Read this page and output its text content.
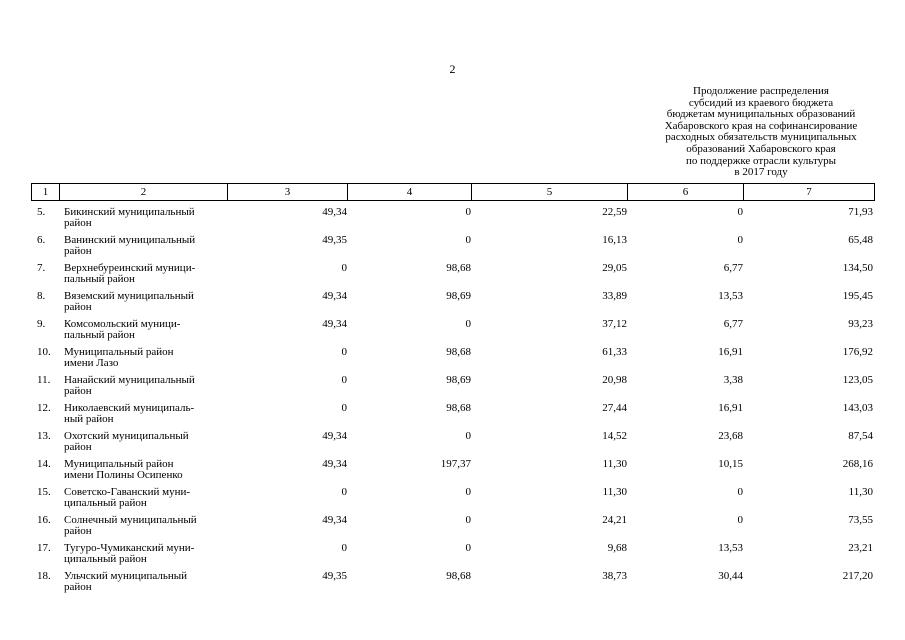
2
Продолжение распределения
субсидий из краевого бюджета
бюджетам муниципальных образований
Хабаровского края на софинансирование
расходных обязательств муниципальных
образований Хабаровского края
по поддержке отрасли культуры
в 2017 году
1	2	3	4	5	6	7
5.	Бикинский муниципальный
район
49,34	0	22,59	0	71,93
6.	Ванинский муниципальный
район
49,35	0	16,13	0	65,48
7.	Верхнебуреинский муници-
пальный район
0	98,68	29,05	6,77	134,50
8.	Вяземский муниципальный
район
49,34	98,69	33,89	13,53	195,45
9.	Комсомольский муници-
пальный район
49,34	0	37,12	6,77	93,23
10.	Муниципальный район
имени Лазо
0	98,68	61,33	16,91	176,92
11.	Нанайский муниципальный
район
0	98,69	20,98	3,38	123,05
12.	Николаевский муниципаль-
ный район
0	98,68	27,44	16,91	143,03
13.	Охотский муниципальный
район
49,34	0	14,52	23,68	87,54
14.	Муниципальный район
имени Полины Осипенко
49,34	197,37	11,30	10,15	268,16
15.	Советско-Гаванский муни-
ципальный район
0	0	11,30	0	11,30
16.	Солнечный муниципальный
район
49,34	0	24,21	0	73,55
17.	Тугуро-Чумиканский муни-
ципальный район
0	0	9,68	13,53	23,21
18.	Ульчский муниципальный
район
49,35	98,68	38,73	30,44	217,20
